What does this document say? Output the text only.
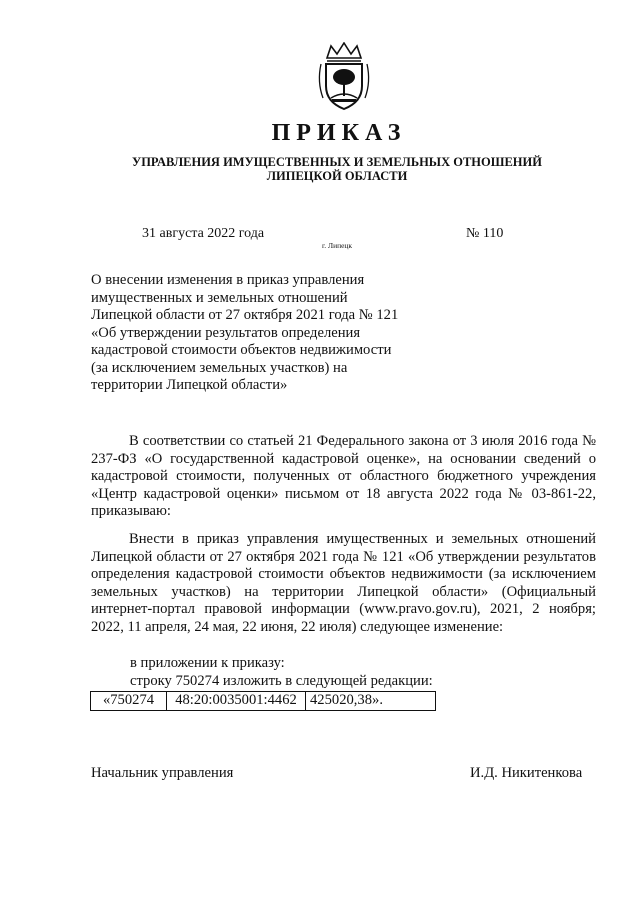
ПРИКАЗ
УПРАВЛЕНИЯ ИМУЩЕСТВЕННЫХ И ЗЕМЕЛЬНЫХ ОТНОШЕНИЙ
ЛИПЕЦКОЙ ОБЛАСТИ
31 августа 2022 года	№ 110
г. Липецк
О внесении изменения в приказ управления
имущественных и земельных отношений
Липецкой области от 27 октября 2021 года № 121
«Об утверждении результатов определения
кадастровой стоимости объектов недвижимости
(за исключением земельных участков) на
территории Липецкой области»
В соответствии со статьей 21 Федерального закона от 3 июля 2016 года № 237-ФЗ «О государственной кадастровой оценке», на основании сведений о кадастровой стоимости, полученных от областного бюджетного учреждения «Центр кадастровой оценки» письмом от 18 августа 2022 года № 03-861-22, приказываю:
Внести в приказ управления имущественных и земельных отношений Липецкой области от 27 октября 2021 года № 121 «Об утверждении результатов определения кадастровой стоимости объектов недвижимости (за исключением земельных участков) на территории Липецкой области» (Официальный интернет-портал правовой информации (www.pravo.gov.ru), 2021, 2 ноября; 2022, 11 апреля, 24 мая, 22 июня, 22 июля) следующее изменение:
в приложении к приказу:
строку 750274 изложить в следующей редакции:
«750274	48:20:0035001:4462	425020,38».
Начальник управления	И.Д. Никитенкова
